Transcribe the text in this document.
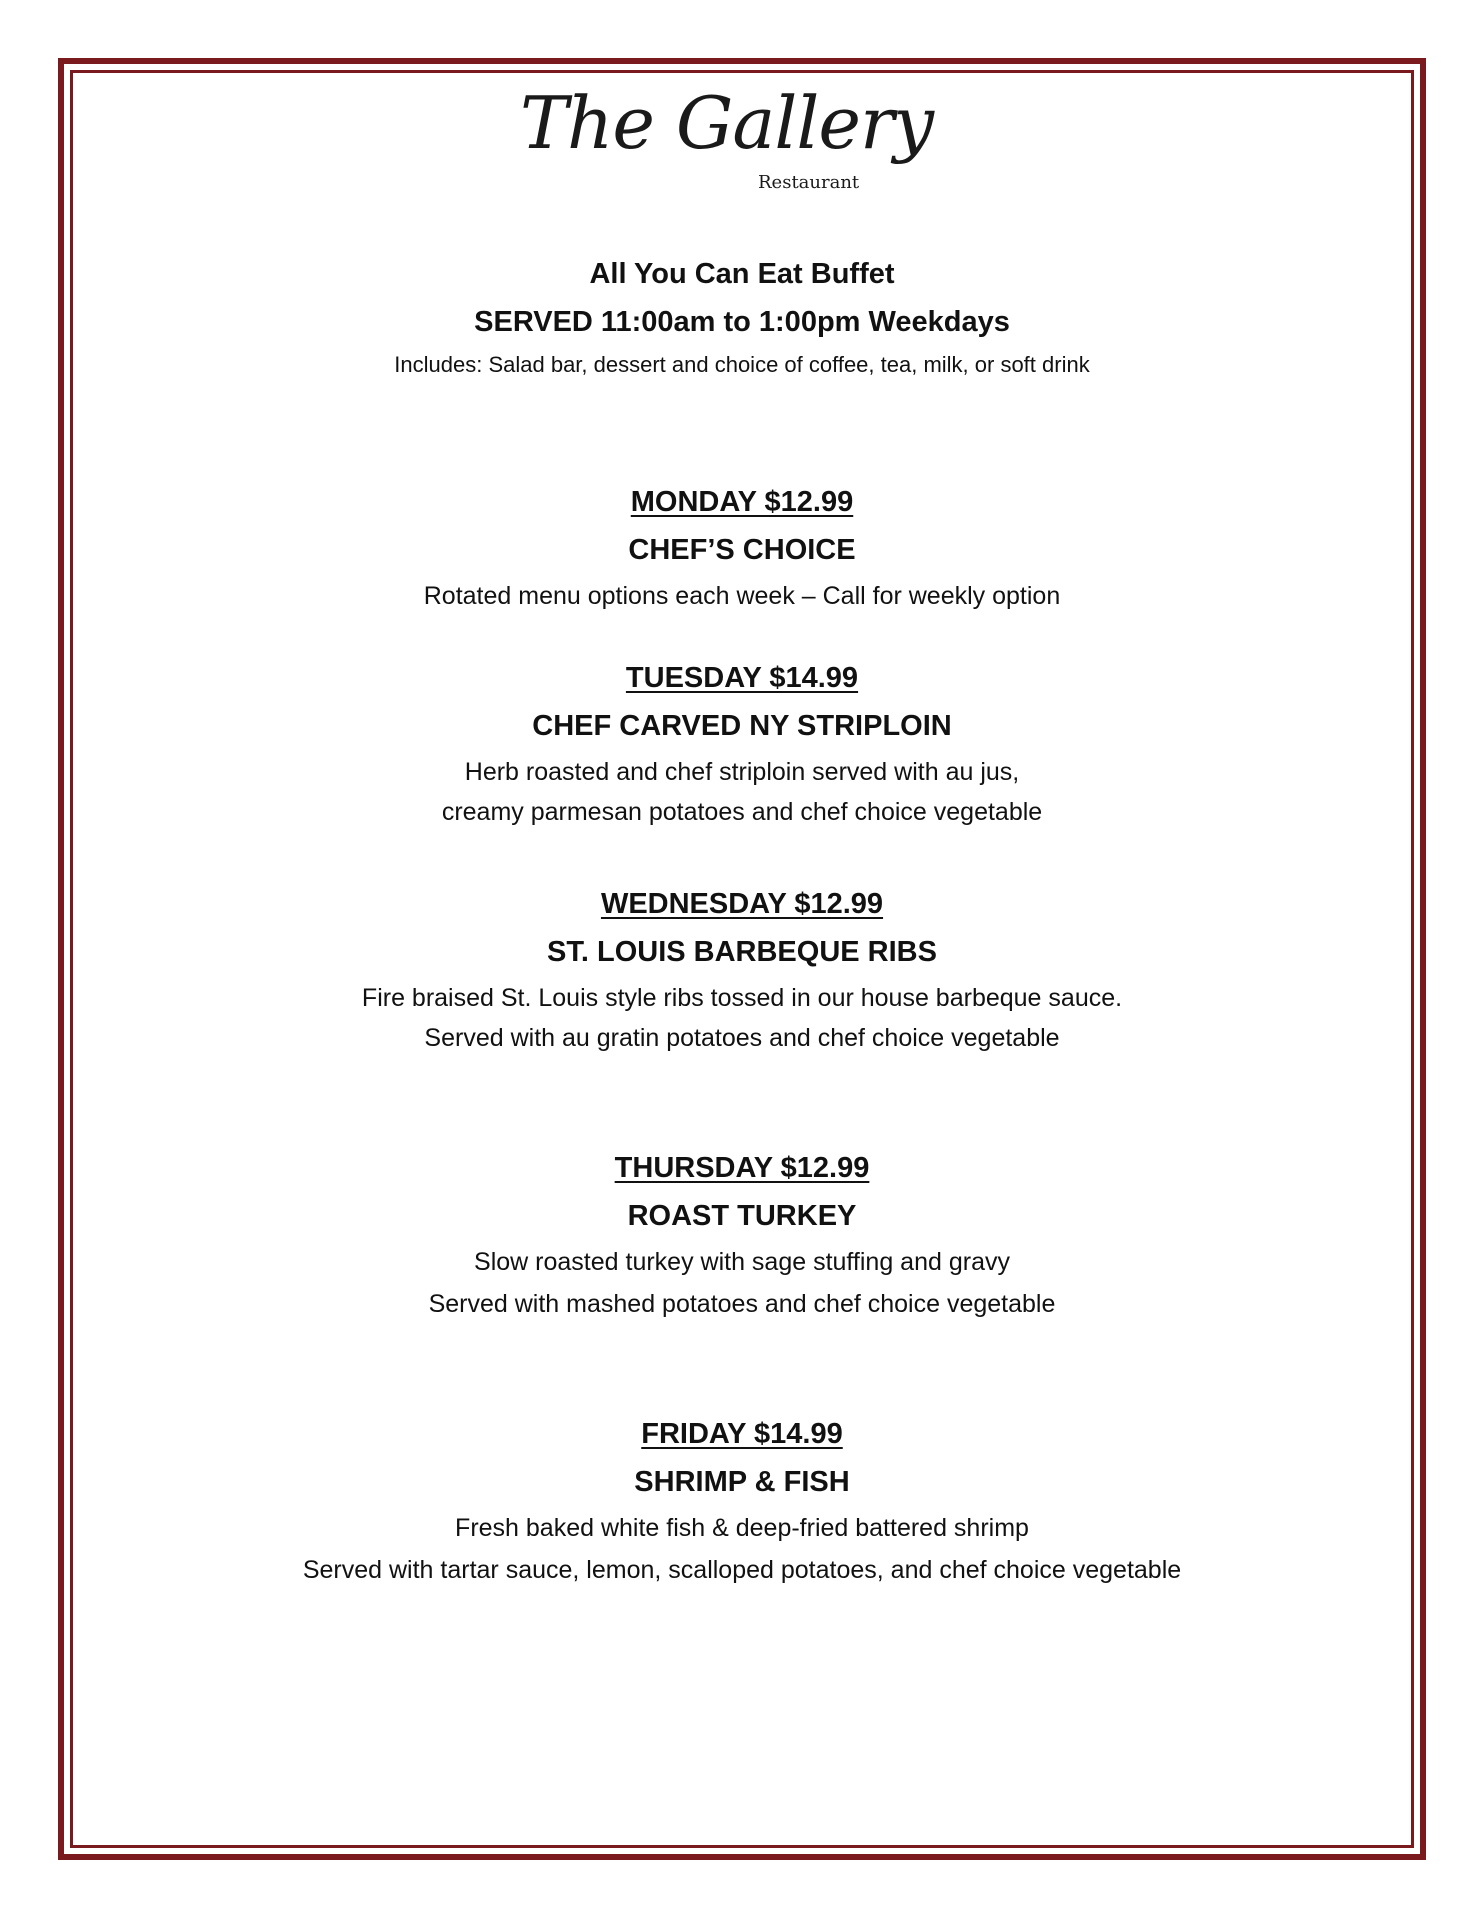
The Gallery
Restaurant
All You Can Eat Buffet
SERVED 11:00am to 1:00pm Weekdays
Includes: Salad bar, dessert and choice of coffee, tea, milk, or soft drink
MONDAY $12.99
CHEF’S CHOICE
Rotated menu options each week – Call for weekly option
TUESDAY $14.99
CHEF CARVED NY STRIPLOIN
Herb roasted and chef striploin served with au jus,
creamy parmesan potatoes and chef choice vegetable
WEDNESDAY $12.99
ST. LOUIS BARBEQUE RIBS
Fire braised St. Louis style ribs tossed in our house barbeque sauce.
Served with au gratin potatoes and chef choice vegetable
THURSDAY $12.99
ROAST TURKEY
Slow roasted turkey with sage stuffing and gravy
Served with mashed potatoes and chef choice vegetable
FRIDAY $14.99
SHRIMP & FISH
Fresh baked white fish & deep-fried battered shrimp
Served with tartar sauce, lemon, scalloped potatoes, and chef choice vegetable
